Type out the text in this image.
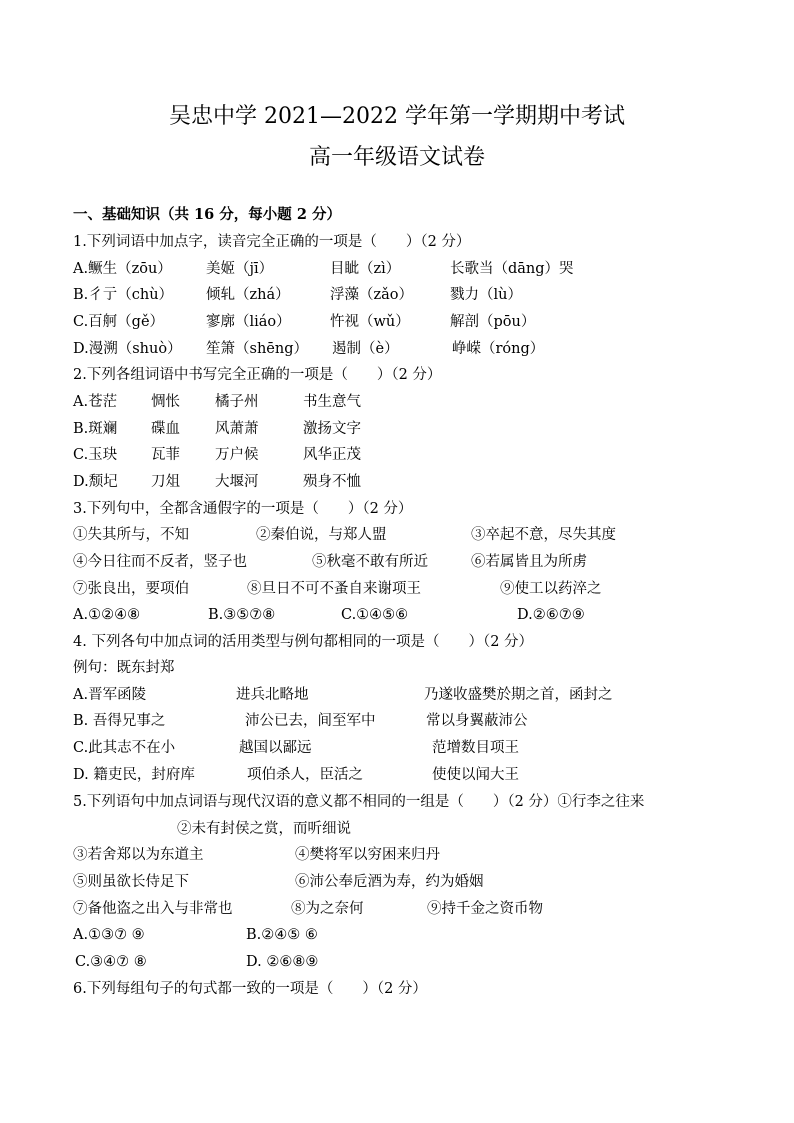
吴忠中学 2021—2022 学年第一学期期中考试
高一年级语文试卷
一、基础知识（共 16 分，每小题 2 分）
1.下列词语中加点字，读音完全正确的一项是（　　）（2 分）
A.鳜生（zōu） 美姬（jī）	目眦（zì）	长歌当（dāng）哭
B.彳亍（chù） 倾轧（zhá）	浮藻（zǎo）	戮力（lù）
C.百舸（gě）	寥廓（liáo）	忤视（wǔ）	解剖（pōu）
D.漫溯（shuò） 笙箫（shēng） 遏制（è）	峥嵘（róng）
2.下列各组词语中书写完全正确的一项是（　　）（2 分）
A.苍茫 惆怅 橘子州	书生意气
B.斑斓 碟血 风萧萧	激扬文字
C.玉玦 瓦菲 万户候	风华正茂
D.颓圮 刀俎 大堰河	殒身不恤
3.下列句中，全都含通假字的一项是（　　）（2 分）
①失其所与，不知	②秦伯说，与郑人盟	③卒起不意，尽失其度
④今日往而不反者，竖子也	⑤秋毫不敢有所近	⑥若属皆且为所虏
⑦张良出，要项伯	⑧旦日不可不蚤自来谢项王	⑨使工以药淬之
A.①②④⑧	B.③⑤⑦⑧	C.①④⑤⑥	D.②⑥⑦⑨
4. 下列各句中加点词的活用类型与例句都相同的一项是（　　）（2 分）
例句：既东封郑
A.晋军函陵	进兵北略地	乃遂收盛樊於期之首，函封之
B. 吾得兄事之	沛公已去，间至军中	常以身翼蔽沛公
C.此其志不在小	越国以鄙远	范增数目项王
D. 籍吏民，封府库	项伯杀人，臣活之	使使以闻大王
5.下列语句中加点词语与现代汉语的意义都不相同的一组是（　　）（2 分）①行李之往来
②未有封侯之赏，而听细说
③若舍郑以为东道主	④樊将军以穷困来归丹
⑤则虽欲长侍足下	⑥沛公奉卮酒为寿，约为婚姻
⑦备他盗之出入与非常也	⑧为之奈何	⑨持千金之资币物
A.①③⑦ ⑨	B.②④⑤ ⑥
C.③④⑦ ⑧	D. ②⑥⑧⑨
6.下列每组句子的句式都一致的一项是（　　）（2 分）
